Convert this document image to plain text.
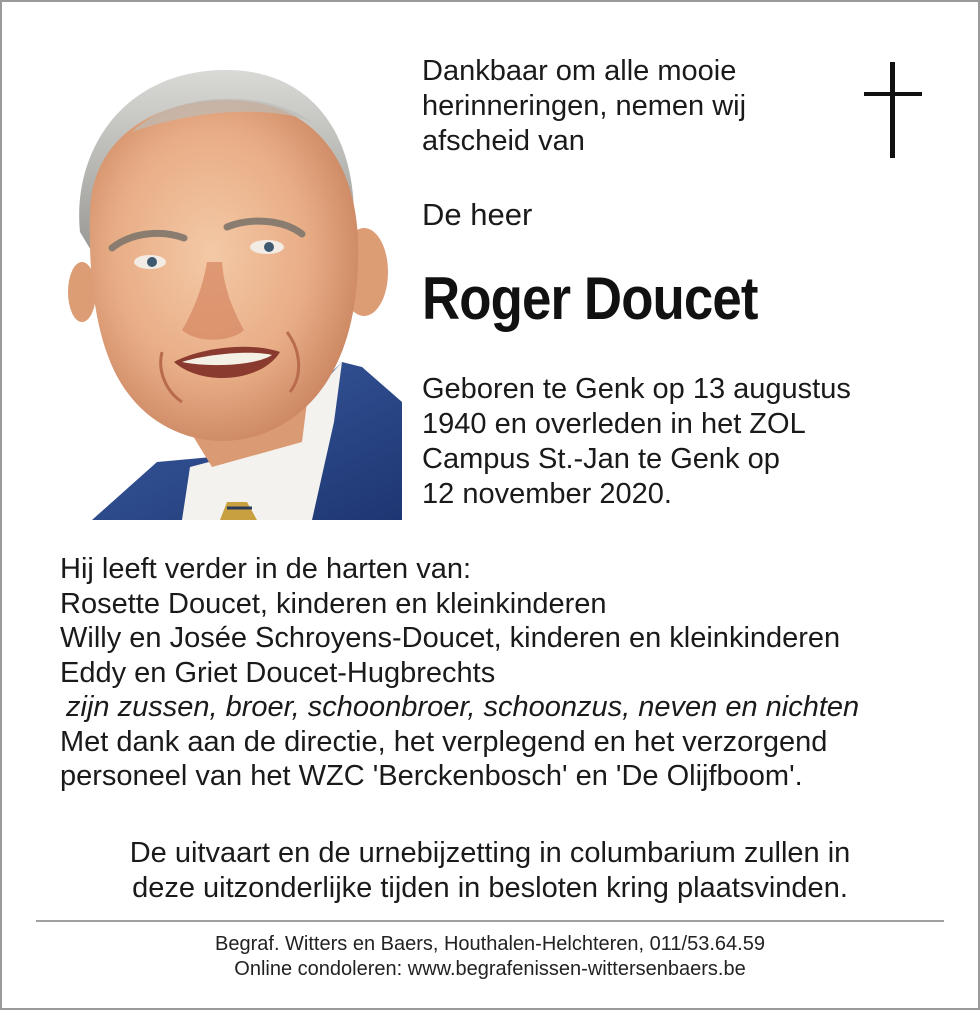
Dankbaar om alle mooie
herinneringen, nemen wij
afscheid van
De heer
Roger Doucet
Geboren te Genk op 13 augustus
1940 en overleden in het ZOL
Campus St.-Jan te Genk op
12 november 2020.
Hij leeft verder in de harten van:
Rosette Doucet, kinderen en kleinkinderen
Willy en Josée Schroyens-Doucet, kinderen en kleinkinderen
Eddy en Griet Doucet-Hugbrechts
zijn zussen, broer, schoonbroer, schoonzus, neven en nichten
Met dank aan de directie, het verplegend en het verzorgend
personeel van het WZC 'Berckenbosch' en 'De Olijfboom'.
De uitvaart en de urnebijzetting in columbarium zullen in
deze uitzonderlijke tijden in besloten kring plaatsvinden.
Begraf. Witters en Baers, Houthalen-Helchteren, 011/53.64.59
Online condoleren: www.begrafenissen-wittersenbaers.be
